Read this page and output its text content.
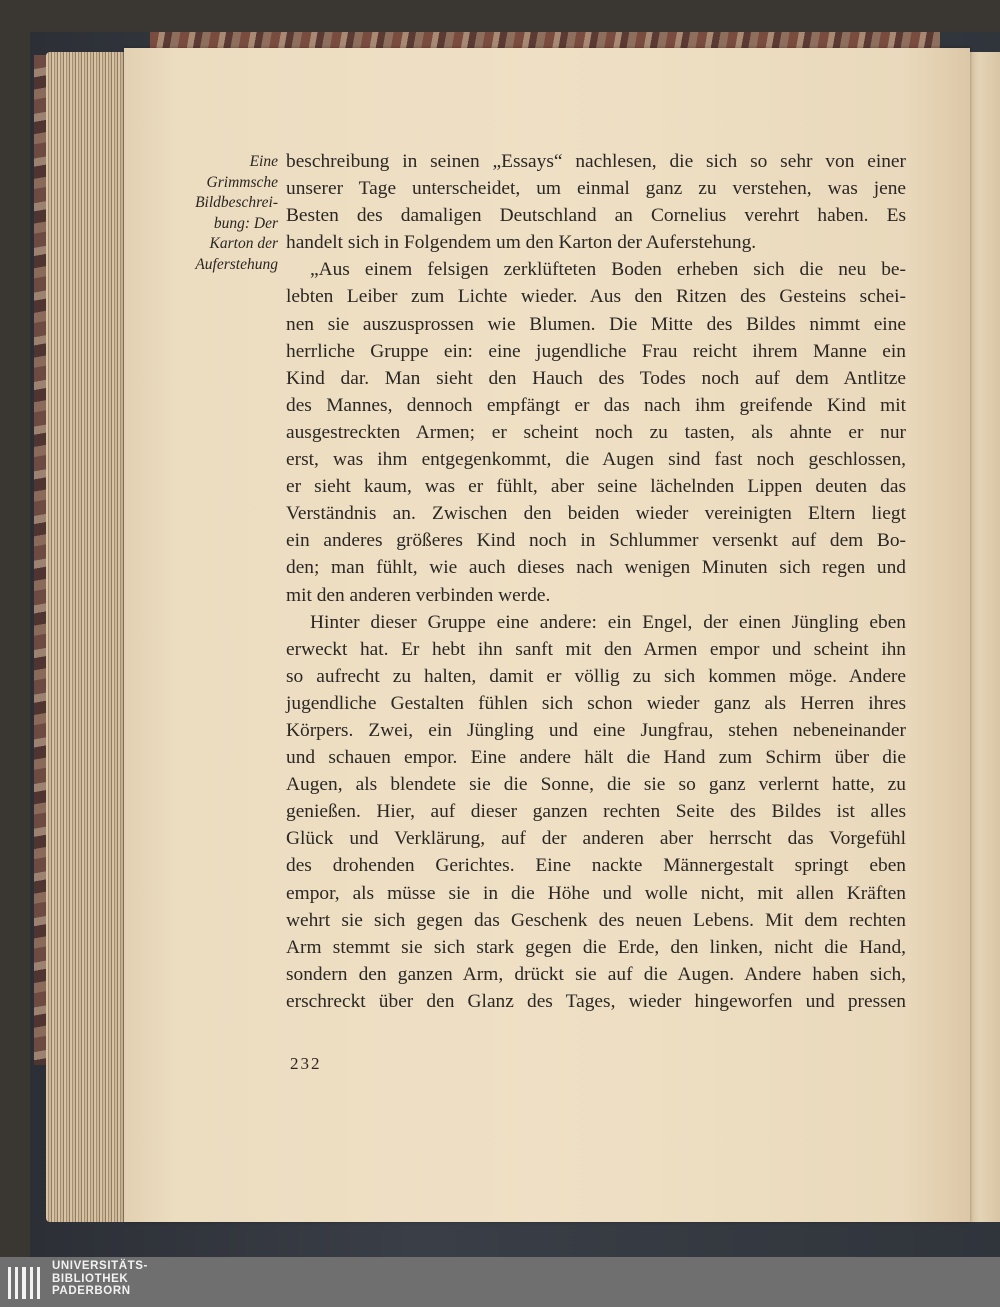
Eine
Grimmsche
Bildbeschrei-
bung: Der
Karton der
Auferstehung

beschreibung in seinen „Essays“ nachlesen, die sich so sehr von einer

unserer Tage unterscheidet, um einmal ganz zu verstehen, was jene

Besten des damaligen Deutschland an Cornelius verehrt haben. Es

handelt sich in Folgendem um den Karton der Auferstehung.

„Aus einem felsigen zerklüfteten Boden erheben sich die neu be-

lebten Leiber zum Lichte wieder. Aus den Ritzen des Gesteins schei-

nen sie auszusprossen wie Blumen. Die Mitte des Bildes nimmt eine

herrliche Gruppe ein: eine jugendliche Frau reicht ihrem Manne ein

Kind dar. Man sieht den Hauch des Todes noch auf dem Antlitze

des Mannes, dennoch empfängt er das nach ihm greifende Kind mit

ausgestreckten Armen; er scheint noch zu tasten, als ahnte er nur

erst, was ihm entgegenkommt, die Augen sind fast noch geschlossen,

er sieht kaum, was er fühlt, aber seine lächelnden Lippen deuten das

Verständnis an. Zwischen den beiden wieder vereinigten Eltern liegt

ein anderes größeres Kind noch in Schlummer versenkt auf dem Bo-

den; man fühlt, wie auch dieses nach wenigen Minuten sich regen und

mit den anderen verbinden werde.

Hinter dieser Gruppe eine andere: ein Engel, der einen Jüngling eben

erweckt hat. Er hebt ihn sanft mit den Armen empor und scheint ihn

so aufrecht zu halten, damit er völlig zu sich kommen möge. Andere

jugendliche Gestalten fühlen sich schon wieder ganz als Herren ihres

Körpers. Zwei, ein Jüngling und eine Jungfrau, stehen nebeneinander

und schauen empor. Eine andere hält die Hand zum Schirm über die

Augen, als blendete sie die Sonne, die sie so ganz verlernt hatte, zu

genießen. Hier, auf dieser ganzen rechten Seite des Bildes ist alles

Glück und Verklärung, auf der anderen aber herrscht das Vorgefühl

des drohenden Gerichtes. Eine nackte Männergestalt springt eben

empor, als müsse sie in die Höhe und wolle nicht, mit allen Kräften

wehrt sie sich gegen das Geschenk des neuen Lebens. Mit dem rechten

Arm stemmt sie sich stark gegen die Erde, den linken, nicht die Hand,

sondern den ganzen Arm, drückt sie auf die Augen. Andere haben sich,

erschreckt über den Glanz des Tages, wieder hingeworfen und pressen

232
UNIVERSITÄTS-
BIBLIOTHEK
PADERBORN
